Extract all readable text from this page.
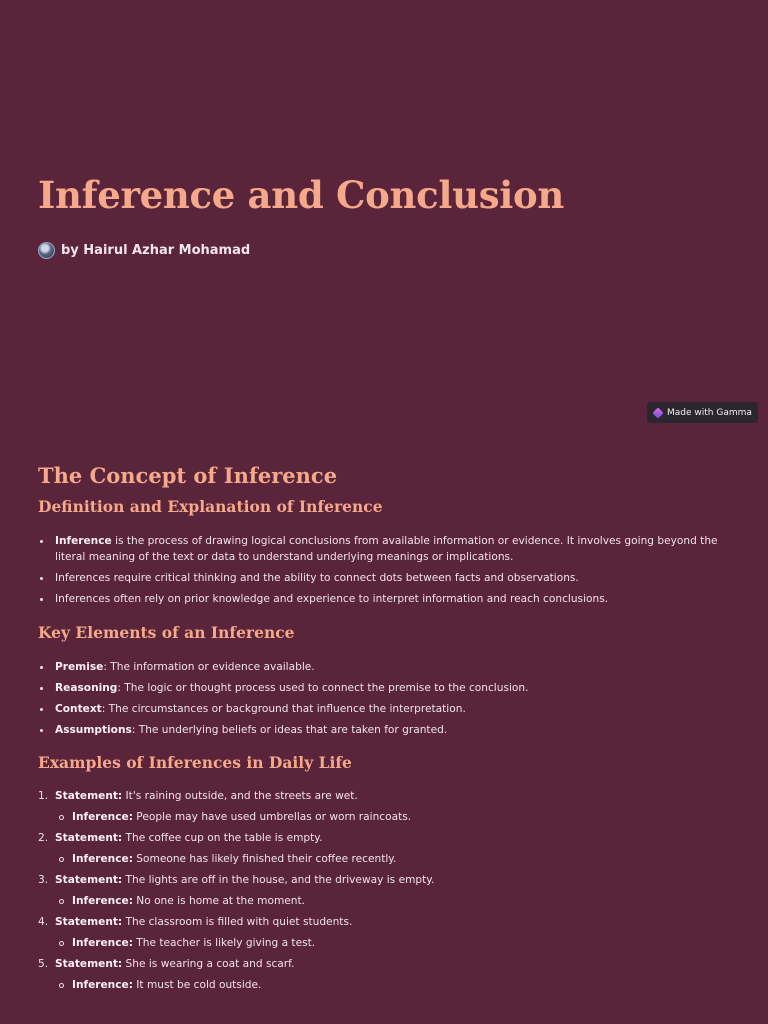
Inference and Conclusion
by Hairul Azhar Mohamad
Made with Gamma
The Concept of Inference
Definition and Explanation of Inference
Inference is the process of drawing logical conclusions from available information or evidence. It involves going beyond the literal meaning of the text or data to understand underlying meanings or implications.
Inferences require critical thinking and the ability to connect dots between facts and observations.
Inferences often rely on prior knowledge and experience to interpret information and reach conclusions.
Key Elements of an Inference
Premise: The information or evidence available.
Reasoning: The logic or thought process used to connect the premise to the conclusion.
Context: The circumstances or background that influence the interpretation.
Assumptions: The underlying beliefs or ideas that are taken for granted.
Examples of Inferences in Daily Life
1. Statement: It's raining outside, and the streets are wet.
Inference: People may have used umbrellas or worn raincoats.
2. Statement: The coffee cup on the table is empty.
Inference: Someone has likely finished their coffee recently.
3. Statement: The lights are off in the house, and the driveway is empty.
Inference: No one is home at the moment.
4. Statement: The classroom is filled with quiet students.
Inference: The teacher is likely giving a test.
5. Statement: She is wearing a coat and scarf.
Inference: It must be cold outside.
